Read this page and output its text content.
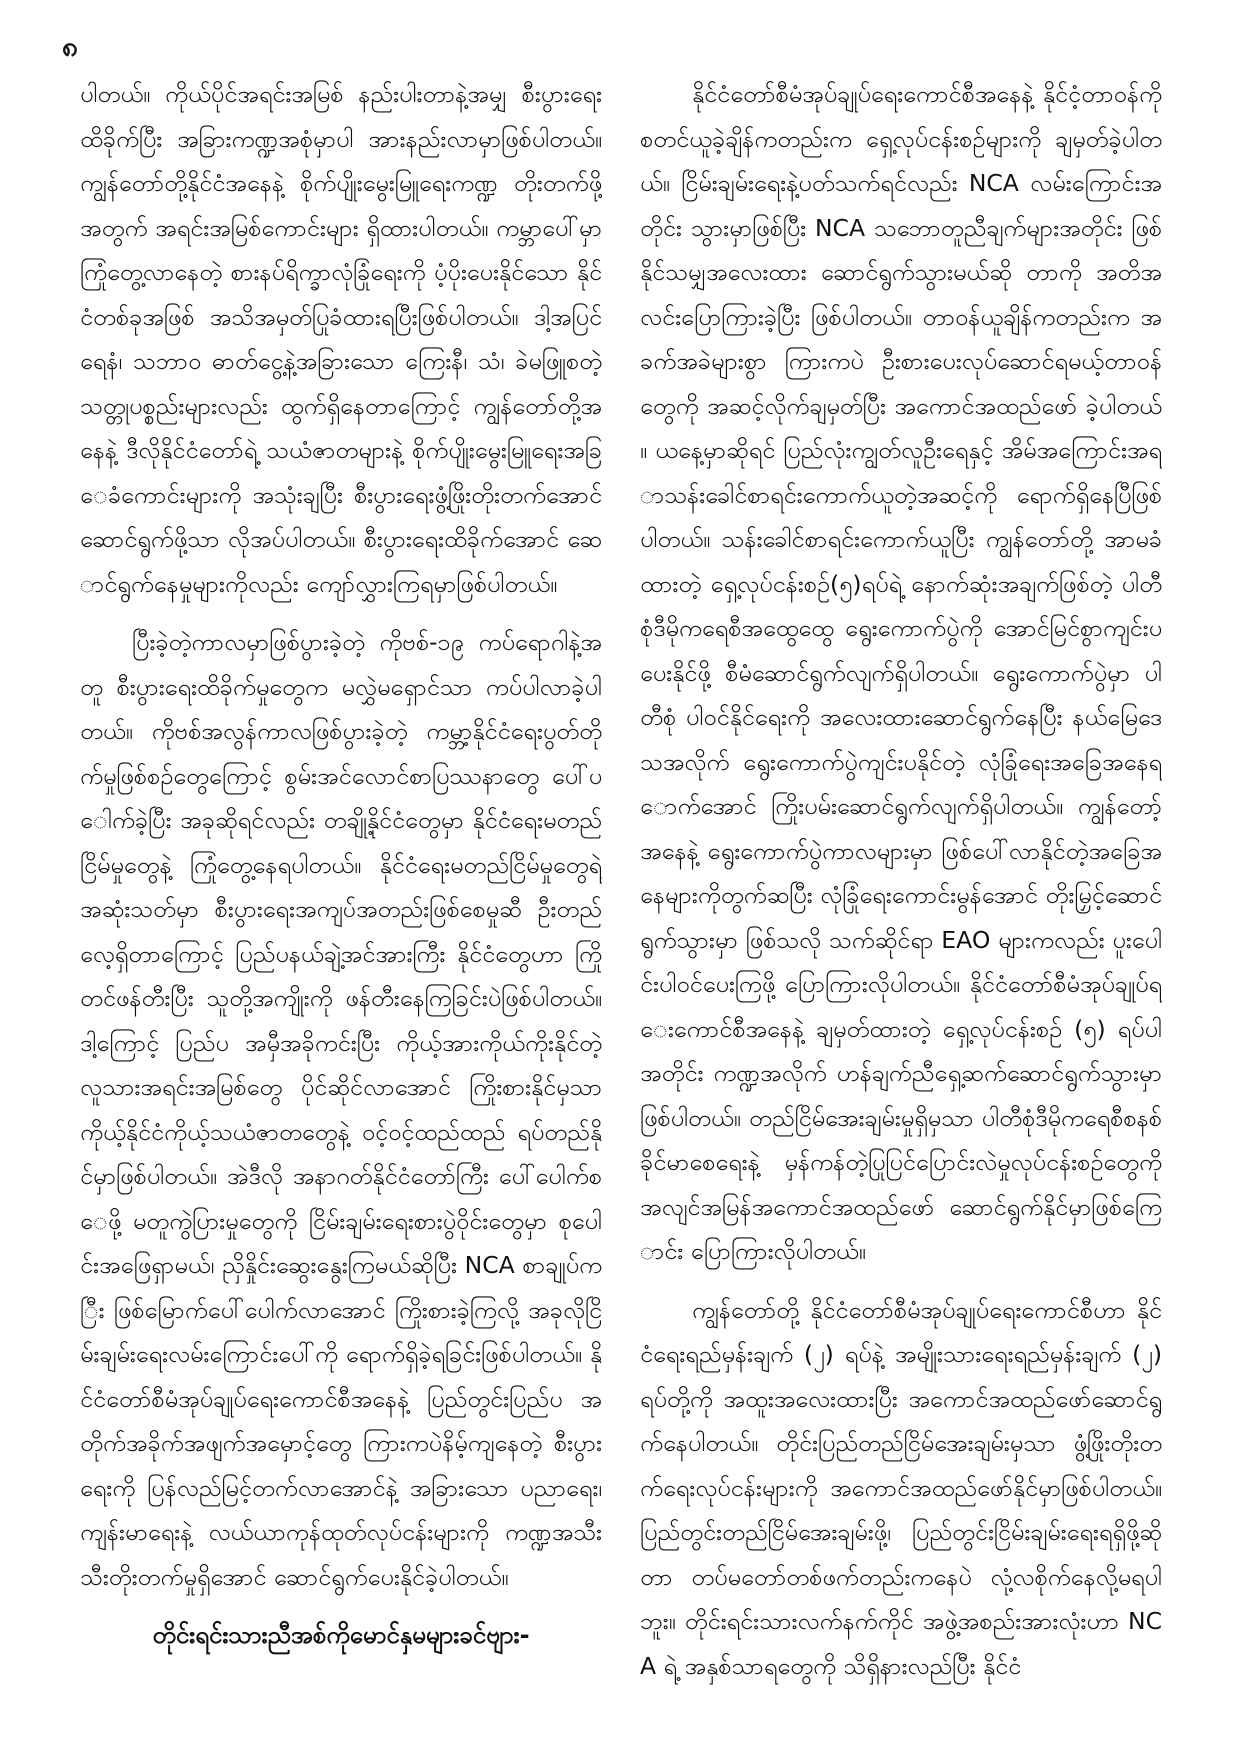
၈

ပါတယ်။ ကိုယ်ပိုင်အရင်းအမြစ် နည်းပါးတာနဲ့အမျှ စီးပွားရေးထိခိုက်ပြီး အခြားကဏ္ဍအစုံမှာပါ အားနည်းလာမှာဖြစ်ပါတယ်။ ကျွန်တော်တို့နိုင်ငံအနေနဲ့ စိုက်ပျိုးမွေးမြူရေးကဏ္ဍ တိုးတက်ဖို့အတွက် အရင်းအမြစ်ကောင်းများ ရှိထားပါတယ်။ ကမ္ဘာပေါ်မှာ ကြုံတွေ့လာနေတဲ့ စားနပ်ရိက္ခာလုံခြုံရေးကို ပံ့ပိုးပေးနိုင်သော နိုင်ငံတစ်ခုအဖြစ် အသိအမှတ်ပြုခံထားရပြီးဖြစ်ပါတယ်။ ဒါ့အပြင် ရေနံ၊ သဘာဝ ဓာတ်ငွေ့နဲ့အခြားသော ကြေးနီ၊ သံ၊ ခဲမဖြူစတဲ့ သတ္တုပစ္စည်းများလည်း ထွက်ရှိနေတာကြောင့် ကျွန်တော်တို့အနေနဲ့ ဒီလိုနိုင်ငံတော်ရဲ့ သယံဇာတများနဲ့ စိုက်ပျိုးမွေးမြူရေးအခြေခံကောင်းများကို အသုံးချပြီး စီးပွားရေးဖွံ့ဖြိုးတိုးတက်အောင် ဆောင်ရွက်ဖို့သာ လိုအပ်ပါတယ်။ စီးပွားရေးထိခိုက်အောင် ဆောင်ရွက်နေမှုများကိုလည်း ကျော်လွှားကြရမှာဖြစ်ပါတယ်။

ပြီးခဲ့တဲ့ကာလမှာဖြစ်ပွားခဲ့တဲ့ ကိုဗစ်-၁၉ ကပ်ရောဂါနဲ့အတူ စီးပွားရေးထိခိုက်မှုတွေက မလွှဲမရှောင်သာ ကပ်ပါလာခဲ့ပါတယ်။ ကိုဗစ်အလွန်ကာလဖြစ်ပွားခဲ့တဲ့ ကမ္ဘာ့နိုင်ငံရေးပွတ်တိုက်မှုဖြစ်စဉ်တွေကြောင့် စွမ်းအင်လောင်စာပြဿနာတွေ ပေါ်ပေါက်ခဲ့ပြီး အခုဆိုရင်လည်း တချို့နိုင်ငံတွေမှာ နိုင်ငံရေးမတည်ငြိမ်မှုတွေနဲ့ ကြုံတွေ့နေရပါတယ်။ နိုင်ငံရေးမတည်ငြိမ်မှုတွေရဲ့ အဆုံးသတ်မှာ စီးပွားရေးအကျပ်အတည်းဖြစ်စေမှုဆီ ဦးတည်လေ့ရှိတာကြောင့် ပြည်ပနယ်ချဲ့အင်အားကြီး နိုင်ငံတွေဟာ ကြိုတင်ဖန်တီးပြီး သူတို့အကျိုးကို ဖန်တီးနေကြခြင်းပဲဖြစ်ပါတယ်။ ဒါ့ကြောင့် ပြည်ပ အမှီအခိုကင်းပြီး ကိုယ့်အားကိုယ်ကိုးနိုင်တဲ့ လူသားအရင်းအမြစ်တွေ ပိုင်ဆိုင်လာအောင် ကြိုးစားနိုင်မှသာ ကိုယ့်နိုင်ငံကိုယ့်သယံဇာတတွေနဲ့ ဝင့်ဝင့်ထည်ထည် ရပ်တည်နိုင်မှာဖြစ်ပါတယ်။ အဲဒီလို အနာဂတ်နိုင်ငံတော်ကြီး ပေါ်ပေါက်စေဖို့ မတူကွဲပြားမှုတွေကို ငြိမ်းချမ်းရေးစားပွဲဝိုင်းတွေမှာ စုပေါင်းအဖြေရှာမယ်၊ ညှိနှိုင်းဆွေးနွေးကြမယ်ဆိုပြီး NCA စာချုပ်ကြီး ဖြစ်မြောက်ပေါ်ပေါက်လာအောင် ကြိုးစားခဲ့ကြလို့ အခုလိုငြိမ်းချမ်းရေးလမ်းကြောင်းပေါ်ကို ရောက်ရှိခဲ့ရခြင်းဖြစ်ပါတယ်။ နိုင်ငံတော်စီမံအုပ်ချုပ်ရေးကောင်စီအနေနဲ့ ပြည်တွင်းပြည်ပ အတိုက်အခိုက်အဖျက်အမှောင့်တွေ ကြားကပဲနိမ့်ကျနေတဲ့ စီးပွားရေးကို ပြန်လည်မြင့်တက်လာအောင်နဲ့ အခြားသော ပညာရေး၊ ကျန်းမာရေးနဲ့ လယ်ယာကုန်ထုတ်လုပ်ငန်းများကို ကဏ္ဍအသီးသီးတိုးတက်မှုရှိအောင် ဆောင်ရွက်ပေးနိုင်ခဲ့ပါတယ်။

တိုင်းရင်းသားညီအစ်ကိုမောင်နှမများခင်ဗျား-

နိုင်ငံတော်စီမံအုပ်ချုပ်ရေးကောင်စီအနေနဲ့ နိုင်ငံ့တာဝန်ကို စတင်ယူခဲ့ချိန်ကတည်းက ရှေ့လုပ်ငန်းစဉ်များကို ချမှတ်ခဲ့ပါတယ်။ ငြိမ်းချမ်းရေးနဲ့ပတ်သက်ရင်လည်း NCA လမ်းကြောင်းအတိုင်း သွားမှာဖြစ်ပြီး NCA သဘောတူညီချက်များအတိုင်း ဖြစ်နိုင်သမျှအလေးထား ဆောင်ရွက်သွားမယ်ဆို တာကို အတိအလင်းပြောကြားခဲ့ပြီး ဖြစ်ပါတယ်။ တာဝန်ယူချိန်ကတည်းက အခက်အခဲများစွာ ကြားကပဲ ဦးစားပေးလုပ်ဆောင်ရမယ့်တာဝန်တွေကို အဆင့်လိုက်ချမှတ်ပြီး အကောင်အထည်ဖော် ခဲ့ပါတယ်။ ယနေ့မှာဆိုရင် ပြည်လုံးကျွတ်လူဦးရေနှင့် အိမ်အကြောင်းအရာသန်းခေါင်စာရင်းကောက်ယူတဲ့အဆင့်ကို ရောက်ရှိနေပြီဖြစ်ပါတယ်။ သန်းခေါင်စာရင်းကောက်ယူပြီး ကျွန်တော်တို့ အာမခံထားတဲ့ ရှေ့လုပ်ငန်းစဉ်(၅)ရပ်ရဲ့ နောက်ဆုံးအချက်ဖြစ်တဲ့ ပါတီစုံဒီမိုကရေစီအထွေထွေ ရွေးကောက်ပွဲကို အောင်မြင်စွာကျင်းပပေးနိုင်ဖို့ စီမံဆောင်ရွက်လျက်ရှိပါတယ်။ ရွေးကောက်ပွဲမှာ ပါတီစုံ ပါဝင်နိုင်ရေးကို အလေးထားဆောင်ရွက်နေပြီး နယ်မြေဒေသအလိုက် ရွေးကောက်ပွဲကျင်းပနိုင်တဲ့ လုံခြုံရေးအခြေအနေရောက်အောင် ကြိုးပမ်းဆောင်ရွက်လျက်ရှိပါတယ်။ ကျွန်တော့်အနေနဲ့ ရွေးကောက်ပွဲကာလများမှာ ဖြစ်ပေါ်လာနိုင်တဲ့အခြေအနေများကိုတွက်ဆပြီး လုံခြုံရေးကောင်းမွန်အောင် တိုးမြှင့်ဆောင်ရွက်သွားမှာ ဖြစ်သလို သက်ဆိုင်ရာ EAO များကလည်း ပူးပေါင်းပါဝင်ပေးကြဖို့ ပြောကြားလိုပါတယ်။ နိုင်ငံတော်စီမံအုပ်ချုပ်ရေးကောင်စီအနေနဲ့ ချမှတ်ထားတဲ့ ရှေ့လုပ်ငန်းစဉ် (၅) ရပ်ပါအတိုင်း ကဏ္ဍအလိုက် ဟန်ချက်ညီရှေ့ဆက်ဆောင်ရွက်သွားမှာဖြစ်ပါတယ်။ တည်ငြိမ်အေးချမ်းမှုရှိမှသာ ပါတီစုံဒီမိုကရေစီစနစ်ခိုင်မာစေရေးနဲ့ မှန်ကန်တဲ့ပြုပြင်ပြောင်းလဲမှုလုပ်ငန်းစဉ်တွေကို အလျင်အမြန်အကောင်အထည်ဖော် ဆောင်ရွက်နိုင်မှာဖြစ်ကြောင်း ပြောကြားလိုပါတယ်။

ကျွန်တော်တို့ နိုင်ငံတော်စီမံအုပ်ချုပ်ရေးကောင်စီဟာ နိုင်ငံရေးရည်မှန်းချက် (၂) ရပ်နဲ့ အမျိုးသားရေးရည်မှန်းချက် (၂) ရပ်တို့ကို အထူးအလေးထားပြီး အကောင်အထည်ဖော်ဆောင်ရွက်နေပါတယ်။ တိုင်းပြည်တည်ငြိမ်အေးချမ်းမှသာ ဖွံ့ဖြိုးတိုးတက်ရေးလုပ်ငန်းများကို အကောင်အထည်ဖော်နိုင်မှာဖြစ်ပါတယ်။ ပြည်တွင်းတည်ငြိမ်အေးချမ်းဖို့၊ ပြည်တွင်းငြိမ်းချမ်းရေးရရှိဖို့ဆိုတာ တပ်မတော်တစ်ဖက်တည်းကနေပဲ လုံ့လစိုက်နေလို့မရပါဘူး။ တိုင်းရင်းသားလက်နက်ကိုင် အဖွဲ့အစည်းအားလုံးဟာ NCA ရဲ့ အနှစ်သာရတွေကို သိရှိနားလည်ပြီး နိုင်ငံ
